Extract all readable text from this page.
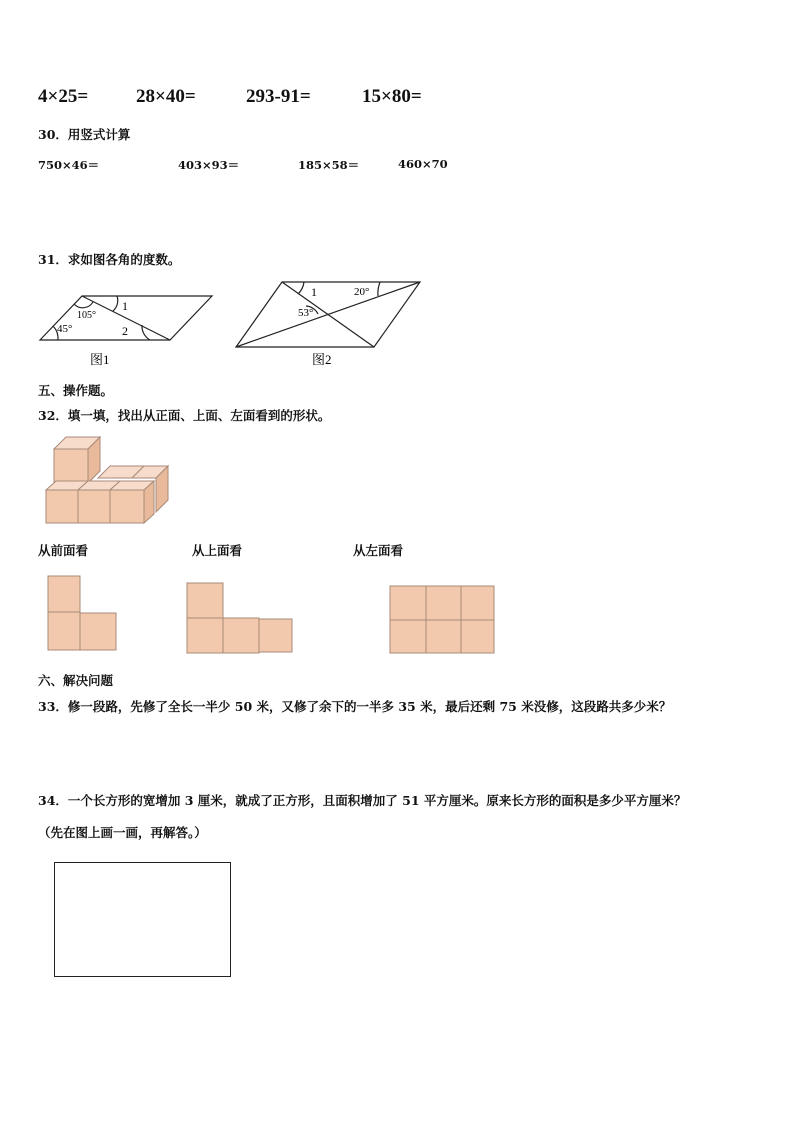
4×25=	28×40=	293-91=	15×80=
30．用竖式计算
750×46＝	403×93＝	185×58＝	460×70
31．求如图各角的度数。
105°
45°
1
2
图1
1	20°
53°
图2
五、操作题。
32．填一填，找出从正面、上面、左面看到的形状。
从前面看	从上面看	从左面看
六、解决问题
33．修一段路，先修了全长一半少 50 米，又修了余下的一半多 35 米，最后还剩 75 米没修，这段路共多少米？
34．一个长方形的宽增加 3 厘米，就成了正方形，且面积增加了 51 平方厘米。原来长方形的面积是多少平方厘米？
（先在图上画一画，再解答。）
